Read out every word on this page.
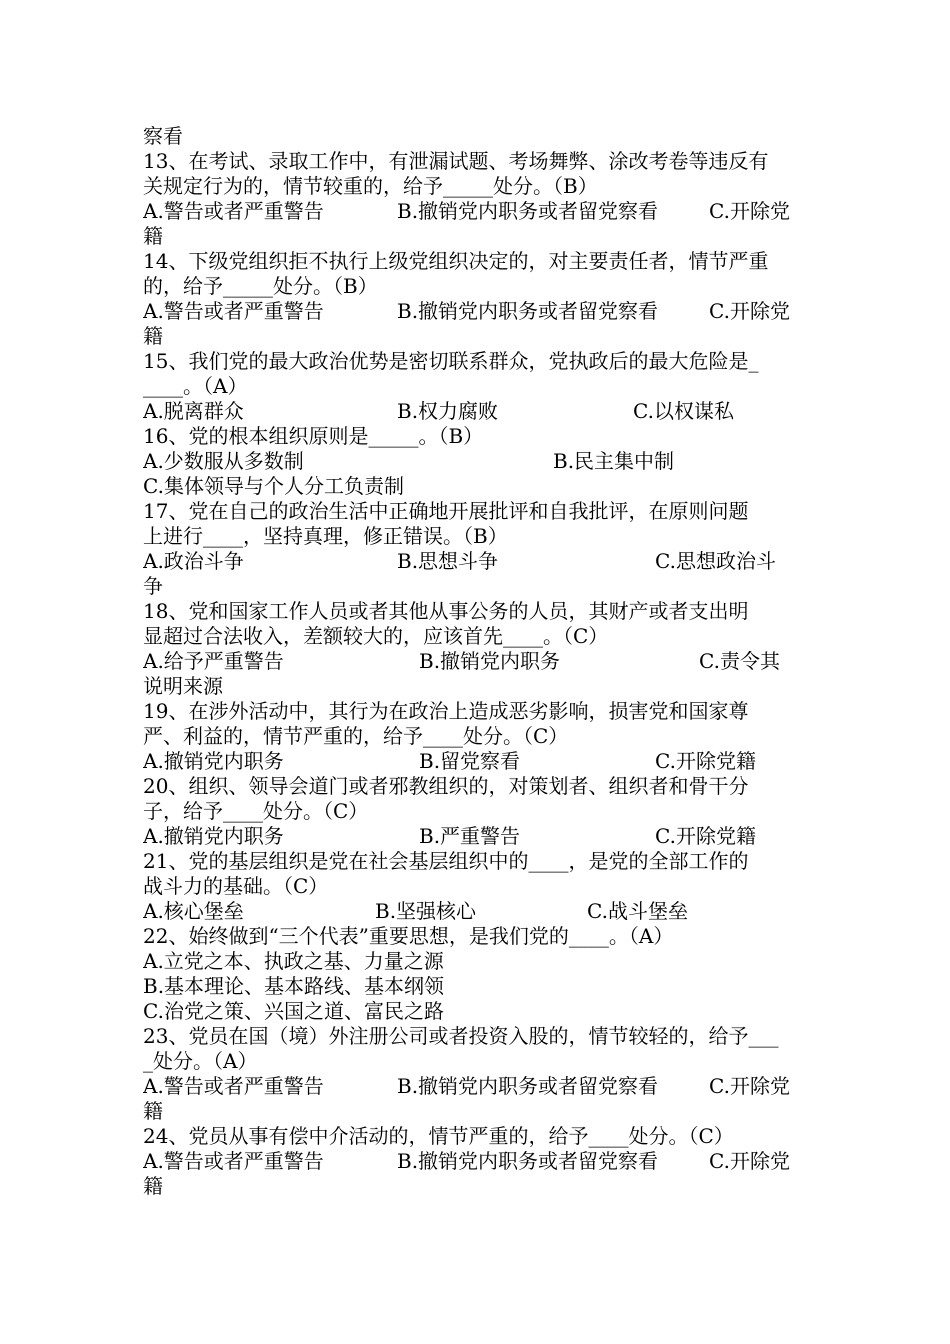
察看
13、在考试、录取工作中，有泄漏试题、考场舞弊、涂改考卷等违反有
关规定行为的，情节较重的，给予_____处分。（B）

A.警告或者严重警告

	B.撤销党内职务或者留党察看

	C.开除党

籍
14、下级党组织拒不执行上级党组织决定的，对主要责任者，情节严重
的，给予_____处分。（B）

A.警告或者严重警告

	B.撤销党内职务或者留党察看

	C.开除党

籍
15、我们党的最大政治优势是密切联系群众，党执政后的最大危险是_
____。（A）

A.脱离群众

	B.权力腐败

	C.以权谋私

16、党的根本组织原则是_____。（B）

A.少数服从多数制

	B.民主集中制

C.集体领导与个人分工负责制
17、党在自己的政治生活中正确地开展批评和自我批评，在原则问题
上进行____，坚持真理，修正错误。（B）

A.政治斗争

	B.思想斗争

	C.思想政治斗

争
18、党和国家工作人员或者其他从事公务的人员，其财产或者支出明
显超过合法收入，差额较大的，应该首先____。（C）

A.给予严重警告

	B.撤销党内职务

	C.责令其

说明来源
19、在涉外活动中，其行为在政治上造成恶劣影响，损害党和国家尊
严、利益的，情节严重的，给予____处分。（C）

A.撤销党内职务

	B.留党察看

	C.开除党籍

20、组织、领导会道门或者邪教组织的，对策划者、组织者和骨干分
子，给予____处分。（C）

A.撤销党内职务

	B.严重警告

	C.开除党籍

21、党的基层组织是党在社会基层组织中的____，是党的全部工作的
战斗力的基础。（C）

A.核心堡垒

	B.坚强核心

	C.战斗堡垒

22、始终做到“三个代表”重要思想，是我们党的____。（A）
A.立党之本、执政之基、力量之源
B.基本理论、基本路线、基本纲领
C.治党之策、兴国之道、富民之路
23、党员在国（境）外注册公司或者投资入股的，情节较轻的，给予___
_处分。（A）

A.警告或者严重警告

	B.撤销党内职务或者留党察看

	C.开除党

籍
24、党员从事有偿中介活动的，情节严重的，给予____处分。（C）

A.警告或者严重警告

	B.撤销党内职务或者留党察看

	C.开除党

籍
